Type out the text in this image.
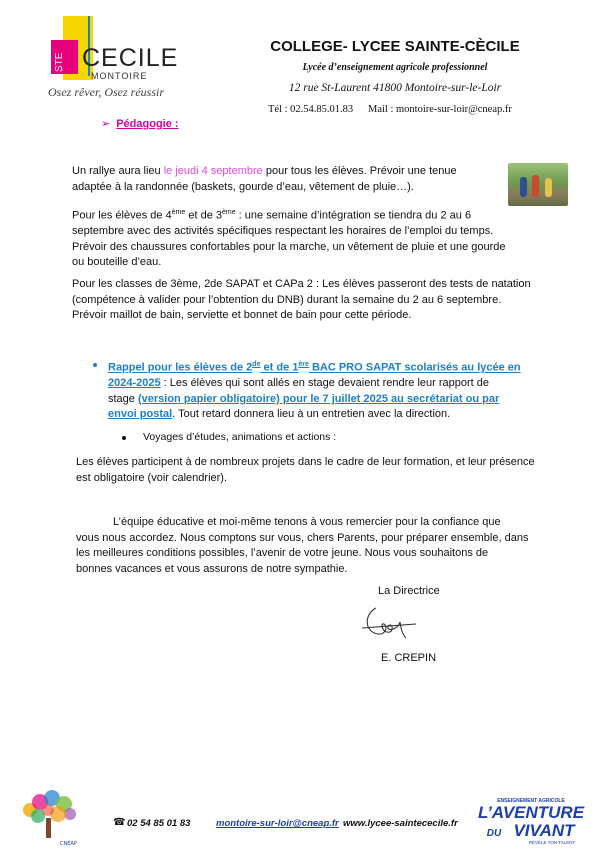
STE CECILE
MONTOIRE
Osez rêver, Osez réussir
COLLEGE- LYCEE SAINTE-CÈCILE
Lycée d’enseignement agricole professionnel
12 rue St-Laurent 41800 Montoire-sur-le-Loir
Tél : 02.54.85.01.83 Mail : montoire-sur-loir@cneap.fr
➢ Pédagogie :
Un rallye aura lieu le jeudi 4 septembre pour tous les élèves. Prévoir une tenue
adaptée à la randonnée (baskets, gourde d’eau, vêtement de pluie…).
Pour les élèves de 4ème et de 3ème : une semaine d’intégration se tiendra du 2 au 6
septembre avec des activités spécifiques respectant les horaires de l’emploi du temps.
Prévoir des chaussures confortables pour la marche, un vêtement de pluie et une gourde
ou bouteille d’eau.
Pour les classes de 3ème, 2de SAPAT et CAPa 2 : Les élèves passeront des tests de natation
(compétence à valider pour l’obtention du DNB) durant la semaine du 2 au 6 septembre.
Prévoir maillot de bain, serviette et bonnet de bain pour cette période.
Rappel pour les élèves de 2de et de 1ère BAC PRO SAPAT scolarisés au lycée en
2024-2025 : Les élèves qui sont allés en stage devaient rendre leur rapport de
stage (version papier obligatoire) pour le 7 juillet 2025 au secrétariat ou par
envoi postal. Tout retard donnera lieu à un entretien avec la direction.
Voyages d’études, animations et actions :
Les élèves participent à de nombreux projets dans le cadre de leur formation, et leur présence
est obligatoire (voir calendrier).
L’équipe éducative et moi-même tenons à vous remercier pour la confiance que
vous nous accordez. Nous comptons sur vous, chers Parents, pour préparer ensemble, dans
les meilleures conditions possibles, l’avenir de votre jeune. Nous vous souhaitons de
bonnes vacances et vous assurons de notre sympathie.
La Directrice
E. CREPIN
CNEAP
☎ 02 54 85 01 83	montoire-sur-loir@cneap.fr www.lycee-saintececile.fr
ENSEIGNEMENT AGRICOLE
L’AVENTURE
DU VIVANT
RÉVÈLE TON TALENT
